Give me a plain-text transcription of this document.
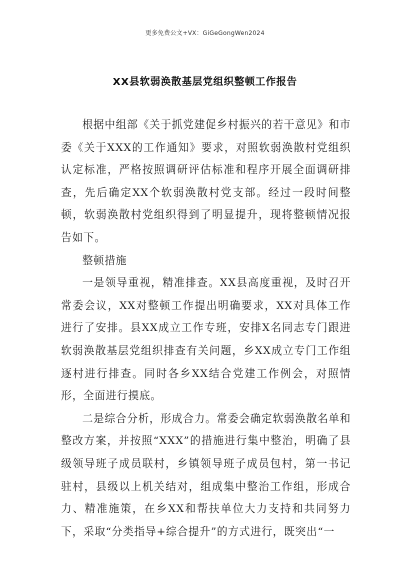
更多免费公文+VX：GiGeGongWen2024
XX县软弱涣散基层党组织整顿工作报告

根据中组部《关于抓党建促乡村振兴的若干意见》和市委《关于XXX的工作通知》要求，对照软弱涣散村党组织认定标准，严格按照调研评估标准和程序开展全面调研排查，先后确定XX个软弱涣散村党支部。经过一段时间整顿，软弱涣散村党组织得到了明显提升，现将整顿情况报告如下。

整顿措施

一是领导重视，精准排查。XX县高度重视，及时召开常委会议，XX对整顿工作提出明确要求，XX对具体工作进行了安排。县XX成立工作专班，安排X名同志专门跟进软弱涣散基层党组织排查有关问题，乡XX成立专门工作组逐村进行排查。同时各乡XX结合党建工作例会，对照情形，全面进行摸底。

二是综合分析，形成合力。常委会确定软弱涣散名单和整改方案，并按照“XXX”的措施进行集中整治，明确了县级领导班子成员联村，乡镇领导班子成员包村，第一书记驻村，县级以上机关结对，组成集中整治工作组，形成合力、精准施策，在乡XX和帮扶单位大力支持和共同努力下，采取“分类指导+综合提升”的方式进行，既突出“一
